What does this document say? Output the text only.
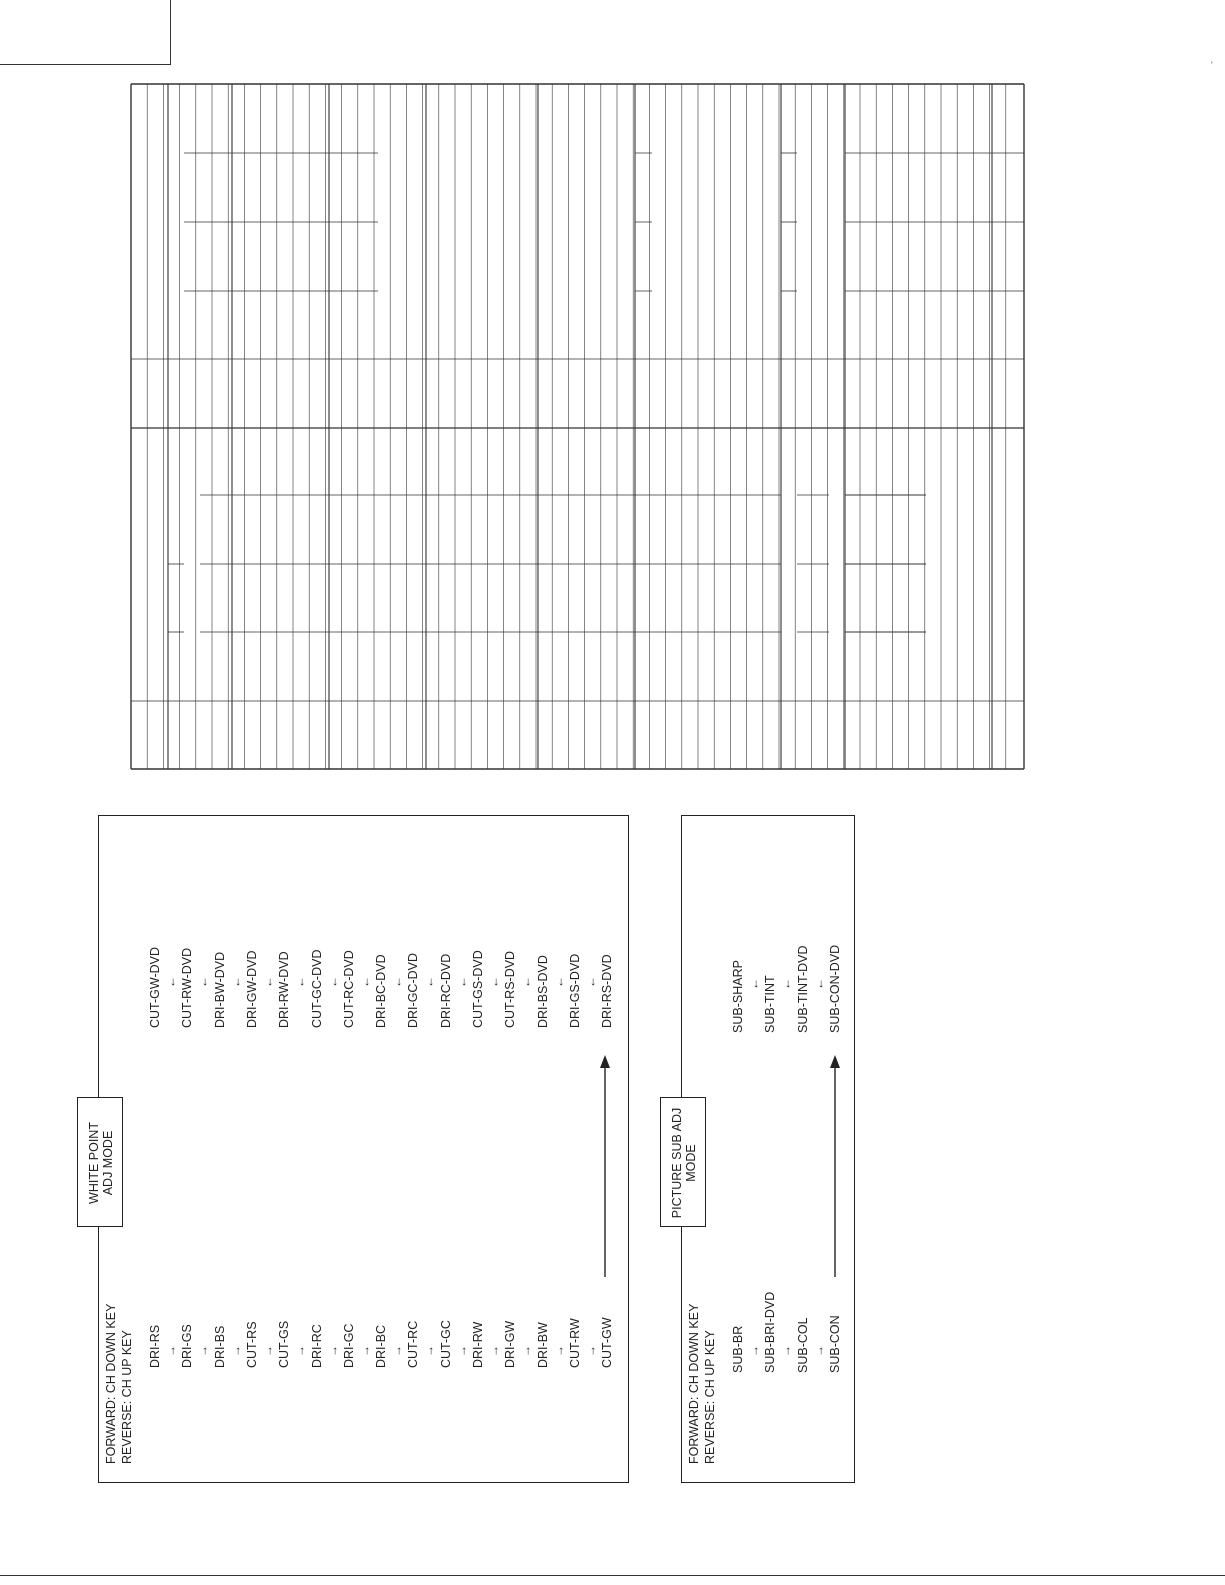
'
WHITE POINT ADJ MODE
FORWARD: CH DOWN KEY REVERSE: CH UP KEY
PICTURE SUB ADJ MODE
FORWARD: CH DOWN KEY REVERSE: CH UP KEY
DRI-RS DRI-GS DRI-BS CUT-RS CUT-GS DRI-RC DRI-GC DRI-BC CUT-RC CUT-GC DRI-RW DRI-GW DRI-BW CUT-RW CUT-GW
→ → → → → → → → → → → → → →
CUT-GW-DVD CUT-RW-DVD DRI-BW-DVD DRI-GW-DVD DRI-RW-DVD CUT-GC-DVD CUT-RC-DVD DRI-BC-DVD DRI-GC-DVD DRI-RC-DVD CUT-GS-DVD CUT-RS-DVD DRI-BS-DVD DRI-GS-DVD DRI-RS-DVD
← ← ← ← ← ← ← ← ← ← ← ← ← ←
SUB-BR SUB-BRI-DVD SUB-COL SUB-CON
→ → →
SUB-SHARP SUB-TINT SUB-TINT-DVD SUB-CON-DVD
← ← ←
